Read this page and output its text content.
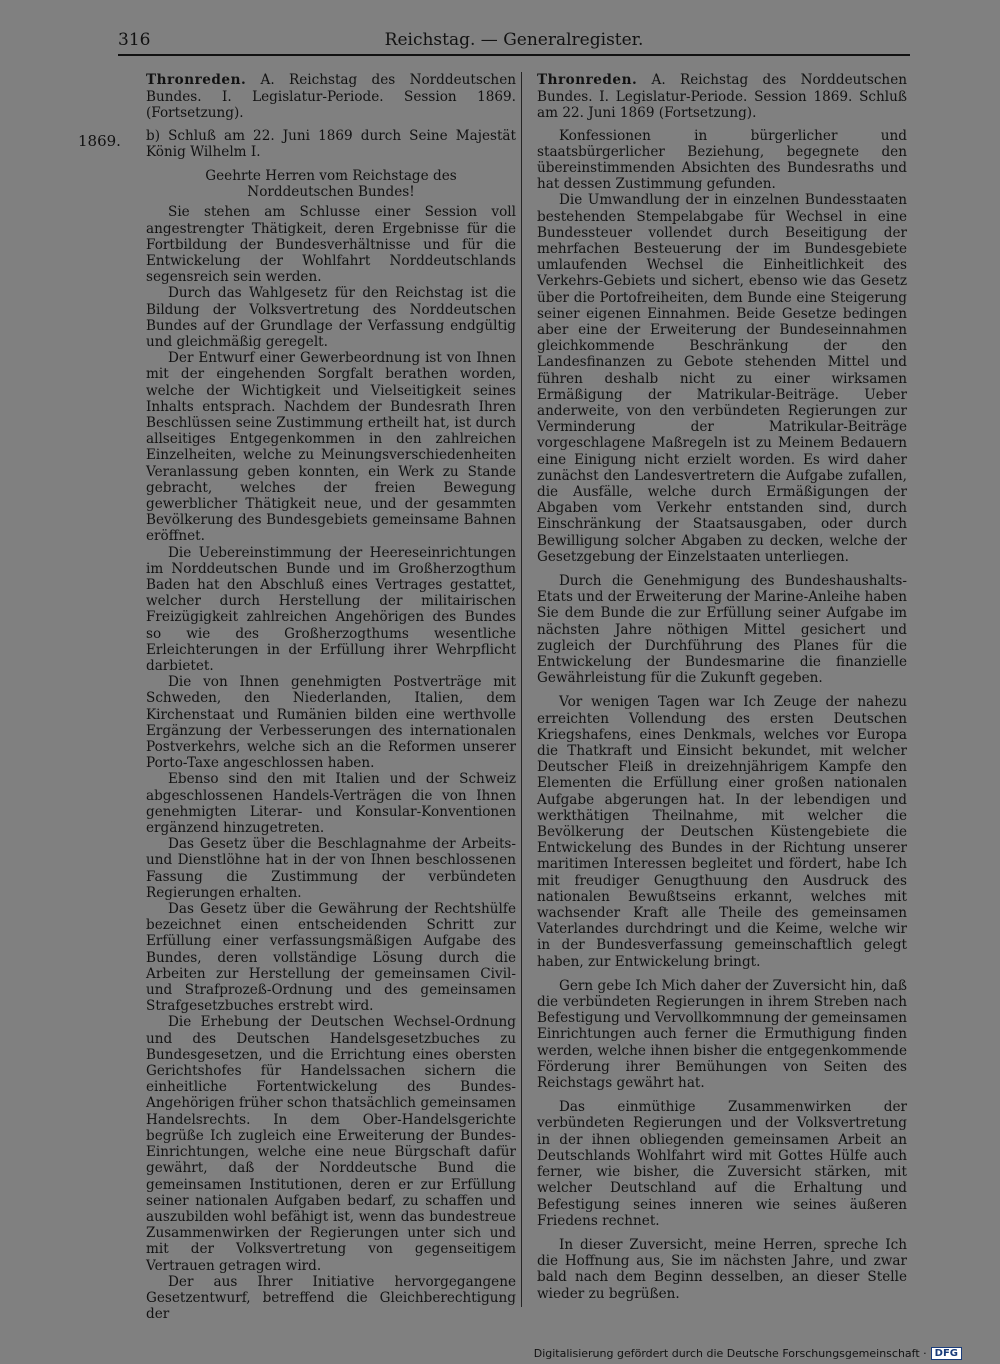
316	Reichstag. — Generalregister.
1869.

Thronreden. A. Reichstag des Norddeutschen Bundes. I. Legislatur-Periode. Session 1869. (Fortsetzung).

b) Schluß am 22. Juni 1869 durch Seine Majestät König Wilhelm I.

Geehrte Herren vom Reichstage des Norddeutschen Bundes!

Sie stehen am Schlusse einer Session voll angestrengter Thätigkeit, deren Ergebnisse für die Fortbildung der Bundesverhältnisse und für die Entwickelung der Wohlfahrt Norddeutschlands segensreich sein werden.

Durch das Wahlgesetz für den Reichstag ist die Bildung der Volksvertretung des Norddeutschen Bundes auf der Grundlage der Verfassung endgültig und gleichmäßig geregelt.

Der Entwurf einer Gewerbeordnung ist von Ihnen mit der eingehenden Sorgfalt berathen worden, welche der Wichtigkeit und Vielseitigkeit seines Inhalts entsprach. Nachdem der Bundesrath Ihren Beschlüssen seine Zustimmung ertheilt hat, ist durch allseitiges Entgegenkommen in den zahlreichen Einzelheiten, welche zu Meinungsverschiedenheiten Veranlassung geben konnten, ein Werk zu Stande gebracht, welches der freien Bewegung gewerblicher Thätigkeit neue, und der gesammten Bevölkerung des Bundesgebiets gemeinsame Bahnen eröffnet.

Die Uebereinstimmung der Heereseinrichtungen im Norddeutschen Bunde und im Großherzogthum Baden hat den Abschluß eines Vertrages gestattet, welcher durch Herstellung der militairischen Freizügigkeit zahlreichen Angehörigen des Bundes so wie des Großherzogthums wesentliche Erleichterungen in der Erfüllung ihrer Wehrpflicht darbietet.

Die von Ihnen genehmigten Postverträge mit Schweden, den Niederlanden, Italien, dem Kirchenstaat und Rumänien bilden eine werthvolle Ergänzung der Verbesserungen des internationalen Postverkehrs, welche sich an die Reformen unserer Porto-Taxe angeschlossen haben.

Ebenso sind den mit Italien und der Schweiz abgeschlossenen Handels-Verträgen die von Ihnen genehmigten Literar- und Konsular-Konventionen ergänzend hinzugetreten.

Das Gesetz über die Beschlagnahme der Arbeits- und Dienstlöhne hat in der von Ihnen beschlossenen Fassung die Zustimmung der verbündeten Regierungen erhalten.

Das Gesetz über die Gewährung der Rechtshülfe bezeichnet einen entscheidenden Schritt zur Erfüllung einer verfassungsmäßigen Aufgabe des Bundes, deren vollständige Lösung durch die Arbeiten zur Herstellung der gemeinsamen Civil- und Strafprozeß-Ordnung und des gemeinsamen Strafgesetzbuches erstrebt wird.

Die Erhebung der Deutschen Wechsel-Ordnung und des Deutschen Handelsgesetzbuches zu Bundesgesetzen, und die Errichtung eines obersten Gerichtshofes für Handelssachen sichern die einheitliche Fortentwickelung des Bundes-Angehörigen früher schon thatsächlich gemeinsamen Handelsrechts. In dem Ober-Handelsgerichte begrüße Ich zugleich eine Erweiterung der Bundes-Einrichtungen, welche eine neue Bürgschaft dafür gewährt, daß der Norddeutsche Bund die gemeinsamen Institutionen, deren er zur Erfüllung seiner nationalen Aufgaben bedarf, zu schaffen und auszubilden wohl befähigt ist, wenn das bundestreue Zusammenwirken der Regierungen unter sich und mit der Volksvertretung von gegenseitigem Vertrauen getragen wird.

Der aus Ihrer Initiative hervorgegangene Gesetzentwurf, betreffend die Gleichberechtigung der

Thronreden. A. Reichstag des Norddeutschen Bundes. I. Legislatur-Periode. Session 1869. Schluß am 22. Juni 1869 (Fortsetzung).

Konfessionen in bürgerlicher und staatsbürgerlicher Beziehung, begegnete den übereinstimmenden Absichten des Bundesraths und hat dessen Zustimmung gefunden.

Die Umwandlung der in einzelnen Bundesstaaten bestehenden Stempelabgabe für Wechsel in eine Bundessteuer vollendet durch Beseitigung der mehrfachen Besteuerung der im Bundesgebiete umlaufenden Wechsel die Einheitlichkeit des Verkehrs-Gebiets und sichert, ebenso wie das Gesetz über die Portofreiheiten, dem Bunde eine Steigerung seiner eigenen Einnahmen. Beide Gesetze bedingen aber eine der Erweiterung der Bundeseinnahmen gleichkommende Beschränkung der den Landesfinanzen zu Gebote stehenden Mittel und führen deshalb nicht zu einer wirksamen Ermäßigung der Matrikular-Beiträge. Ueber anderweite, von den verbündeten Regierungen zur Verminderung der Matrikular-Beiträge vorgeschlagene Maßregeln ist zu Meinem Bedauern eine Einigung nicht erzielt worden. Es wird daher zunächst den Landesvertretern die Aufgabe zufallen, die Ausfälle, welche durch Ermäßigungen der Abgaben vom Verkehr entstanden sind, durch Einschränkung der Staatsausgaben, oder durch Bewilligung solcher Abgaben zu decken, welche der Gesetzgebung der Einzelstaaten unterliegen.

Durch die Genehmigung des Bundeshaushalts-Etats und der Erweiterung der Marine-Anleihe haben Sie dem Bunde die zur Erfüllung seiner Aufgabe im nächsten Jahre nöthigen Mittel gesichert und zugleich der Durchführung des Planes für die Entwickelung der Bundesmarine die finanzielle Gewährleistung für die Zukunft gegeben.

Vor wenigen Tagen war Ich Zeuge der nahezu erreichten Vollendung des ersten Deutschen Kriegshafens, eines Denkmals, welches vor Europa die Thatkraft und Einsicht bekundet, mit welcher Deutscher Fleiß in dreizehnjährigem Kampfe den Elementen die Erfüllung einer großen nationalen Aufgabe abgerungen hat. In der lebendigen und werkthätigen Theilnahme, mit welcher die Bevölkerung der Deutschen Küstengebiete die Entwickelung des Bundes in der Richtung unserer maritimen Interessen begleitet und fördert, habe Ich mit freudiger Genugthuung den Ausdruck des nationalen Bewußtseins erkannt, welches mit wachsender Kraft alle Theile des gemeinsamen Vaterlandes durchdringt und die Keime, welche wir in der Bundesverfassung gemeinschaftlich gelegt haben, zur Entwickelung bringt.

Gern gebe Ich Mich daher der Zuversicht hin, daß die verbündeten Regierungen in ihrem Streben nach Befestigung und Vervollkommnung der gemeinsamen Einrichtungen auch ferner die Ermuthigung finden werden, welche ihnen bisher die entgegenkommende Förderung ihrer Bemühungen von Seiten des Reichstags gewährt hat.

Das einmüthige Zusammenwirken der verbündeten Regierungen und der Volksvertretung in der ihnen obliegenden gemeinsamen Arbeit an Deutschlands Wohlfahrt wird mit Gottes Hülfe auch ferner, wie bisher, die Zuversicht stärken, mit welcher Deutschland auf die Erhaltung und Befestigung seines inneren wie seines äußeren Friedens rechnet.

In dieser Zuversicht, meine Herren, spreche Ich die Hoffnung aus, Sie im nächsten Jahre, und zwar bald nach dem Beginn desselben, an dieser Stelle wieder zu begrüßen.

Digitalisierung gefördert durch die Deutsche Forschungsgemeinschaft · DFG
